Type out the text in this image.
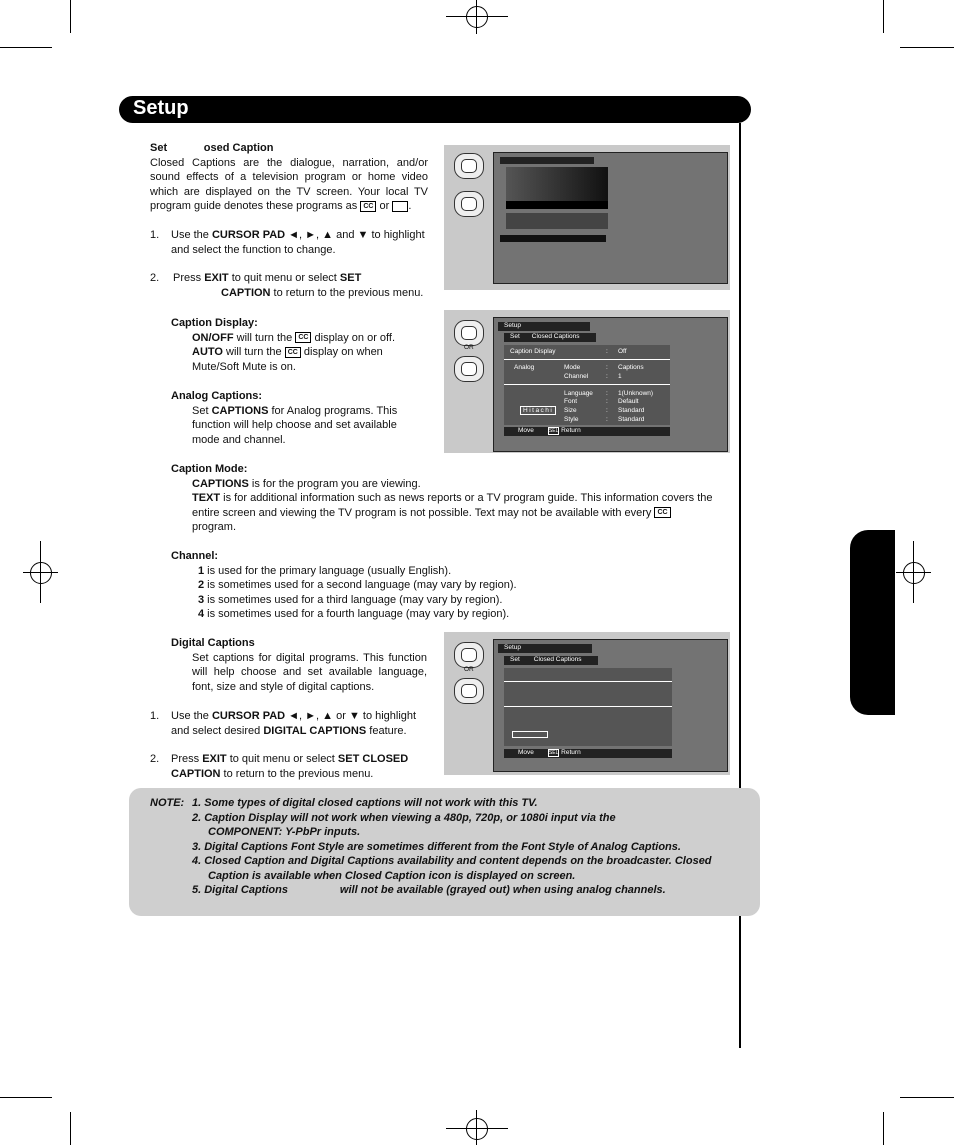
Setup
Set            osed Caption
Closed Captions are the dialogue, narration, and/or sound effects of a television program or home video which are displayed on the TV screen. Your local TV program guide denotes these programs as CC or .
1.	Use the CURSOR PAD ◄, ►, ▲ and ▼ to highlight and select the function to change.
2.	Press EXIT to quit menu or select SET
CAPTION to return to the previous menu.
Caption Display:
ON/OFF will turn the CC display on or off.
AUTO will turn the CC display on when Mute/Soft Mute is on.
Analog Captions:
Set CAPTIONS for Analog programs. This function will help choose and set available mode and channel.
Caption Mode:
CAPTIONS is for the program you are viewing.
TEXT is for additional information such as news reports or a TV program guide. This information covers the entire screen and viewing the TV program is not possible. Text may not be available with every CC
program.
Channel:
1 is used for the primary language (usually English).
2 is sometimes used for a second language (may vary by region).
3 is sometimes used for a third language (may vary by region).
4 is sometimes used for a fourth language (may vary by region).
Digital Captions
Set captions for digital programs. This function will help choose and set available language, font, size and style of digital captions.
1.	Use the CURSOR PAD ◄, ►, ▲ or ▼ to highlight and select desired DIGITAL CAPTIONS feature.
2.	Press EXIT to quit menu or select SET CLOSED CAPTION to return to the previous menu.
OR
Setup
Set Closed Captions
Caption Display	: Off
Analog	Mode	: Captions
Channel	: 1
Language : 1(Unknown)
Font	: Default
Hitachi	Size	: Standard
Style	: Standard
Move	SEL Return
OR
Setup
Set Closed Captions
Move	SEL Return
NOTE: 1. Some types of digital closed captions will not work with this TV.
2. Caption Display will not work when viewing a 480p, 720p, or 1080i input via the
COMPONENT: Y-PbPr inputs.
3. Digital Captions Font Style are sometimes different from the Font Style of Analog Captions.
4. Closed Caption and Digital Captions availability and content depends on the broadcaster. Closed
Caption is available when Closed Caption icon is displayed on screen.
5. Digital Captions                 will not be available (grayed out) when using analog channels.
